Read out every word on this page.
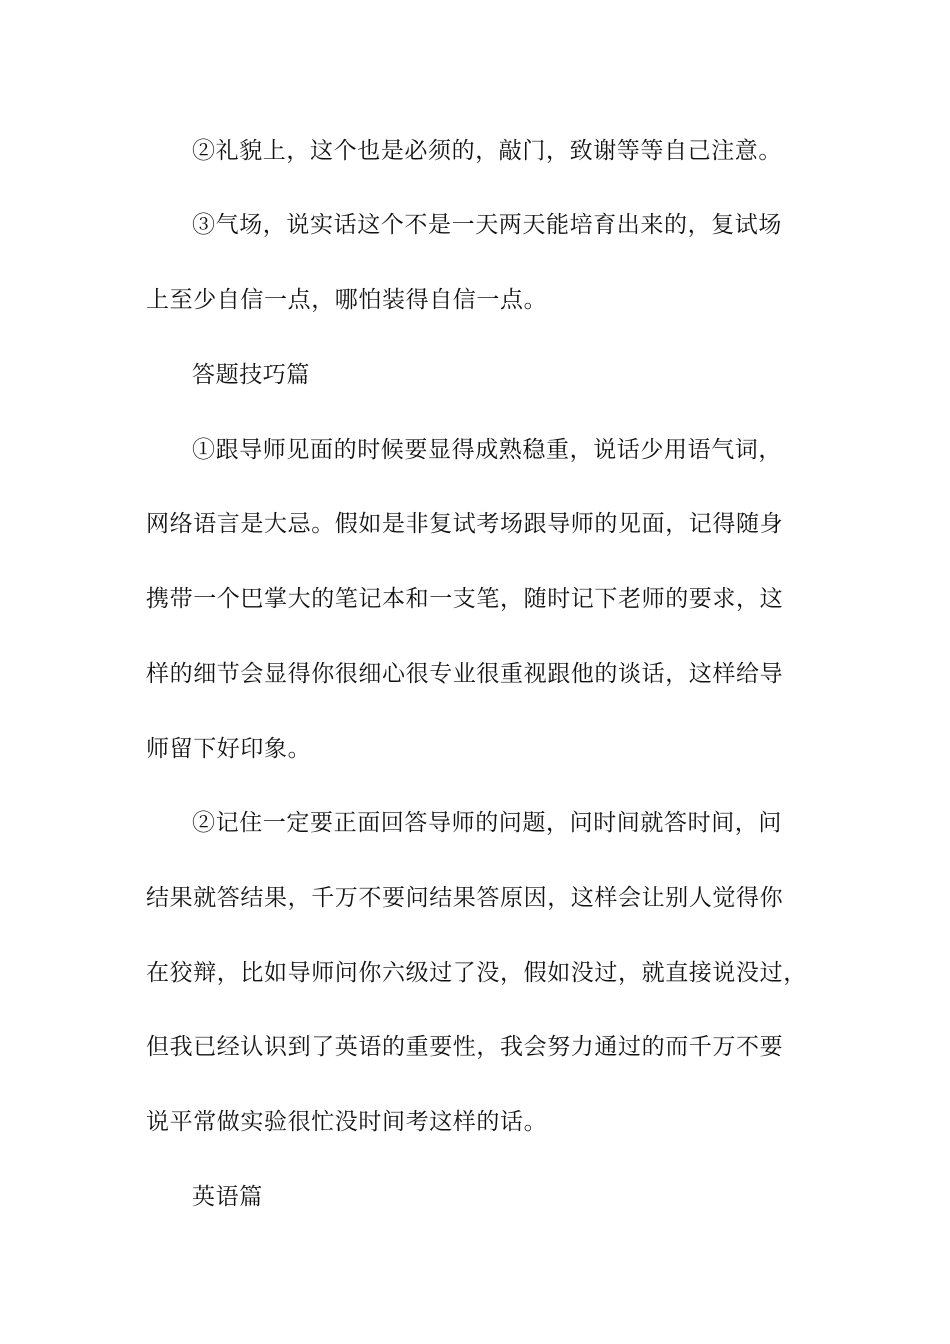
②礼貌上，这个也是必须的，敲门，致谢等等自己注意。
③气场，说实话这个不是一天两天能培育出来的，复试场
上至少自信一点，哪怕装得自信一点。
答题技巧篇
①跟导师见面的时候要显得成熟稳重，说话少用语气词，
网络语言是大忌。假如是非复试考场跟导师的见面，记得随身
携带一个巴掌大的笔记本和一支笔，随时记下老师的要求，这
样的细节会显得你很细心很专业很重视跟他的谈话，这样给导
师留下好印象。
②记住一定要正面回答导师的问题，问时间就答时间，问
结果就答结果，千万不要问结果答原因，这样会让别人觉得你
在狡辩，比如导师问你六级过了没，假如没过，就直接说没过，
但我已经认识到了英语的重要性，我会努力通过的而千万不要
说平常做实验很忙没时间考这样的话。
英语篇
